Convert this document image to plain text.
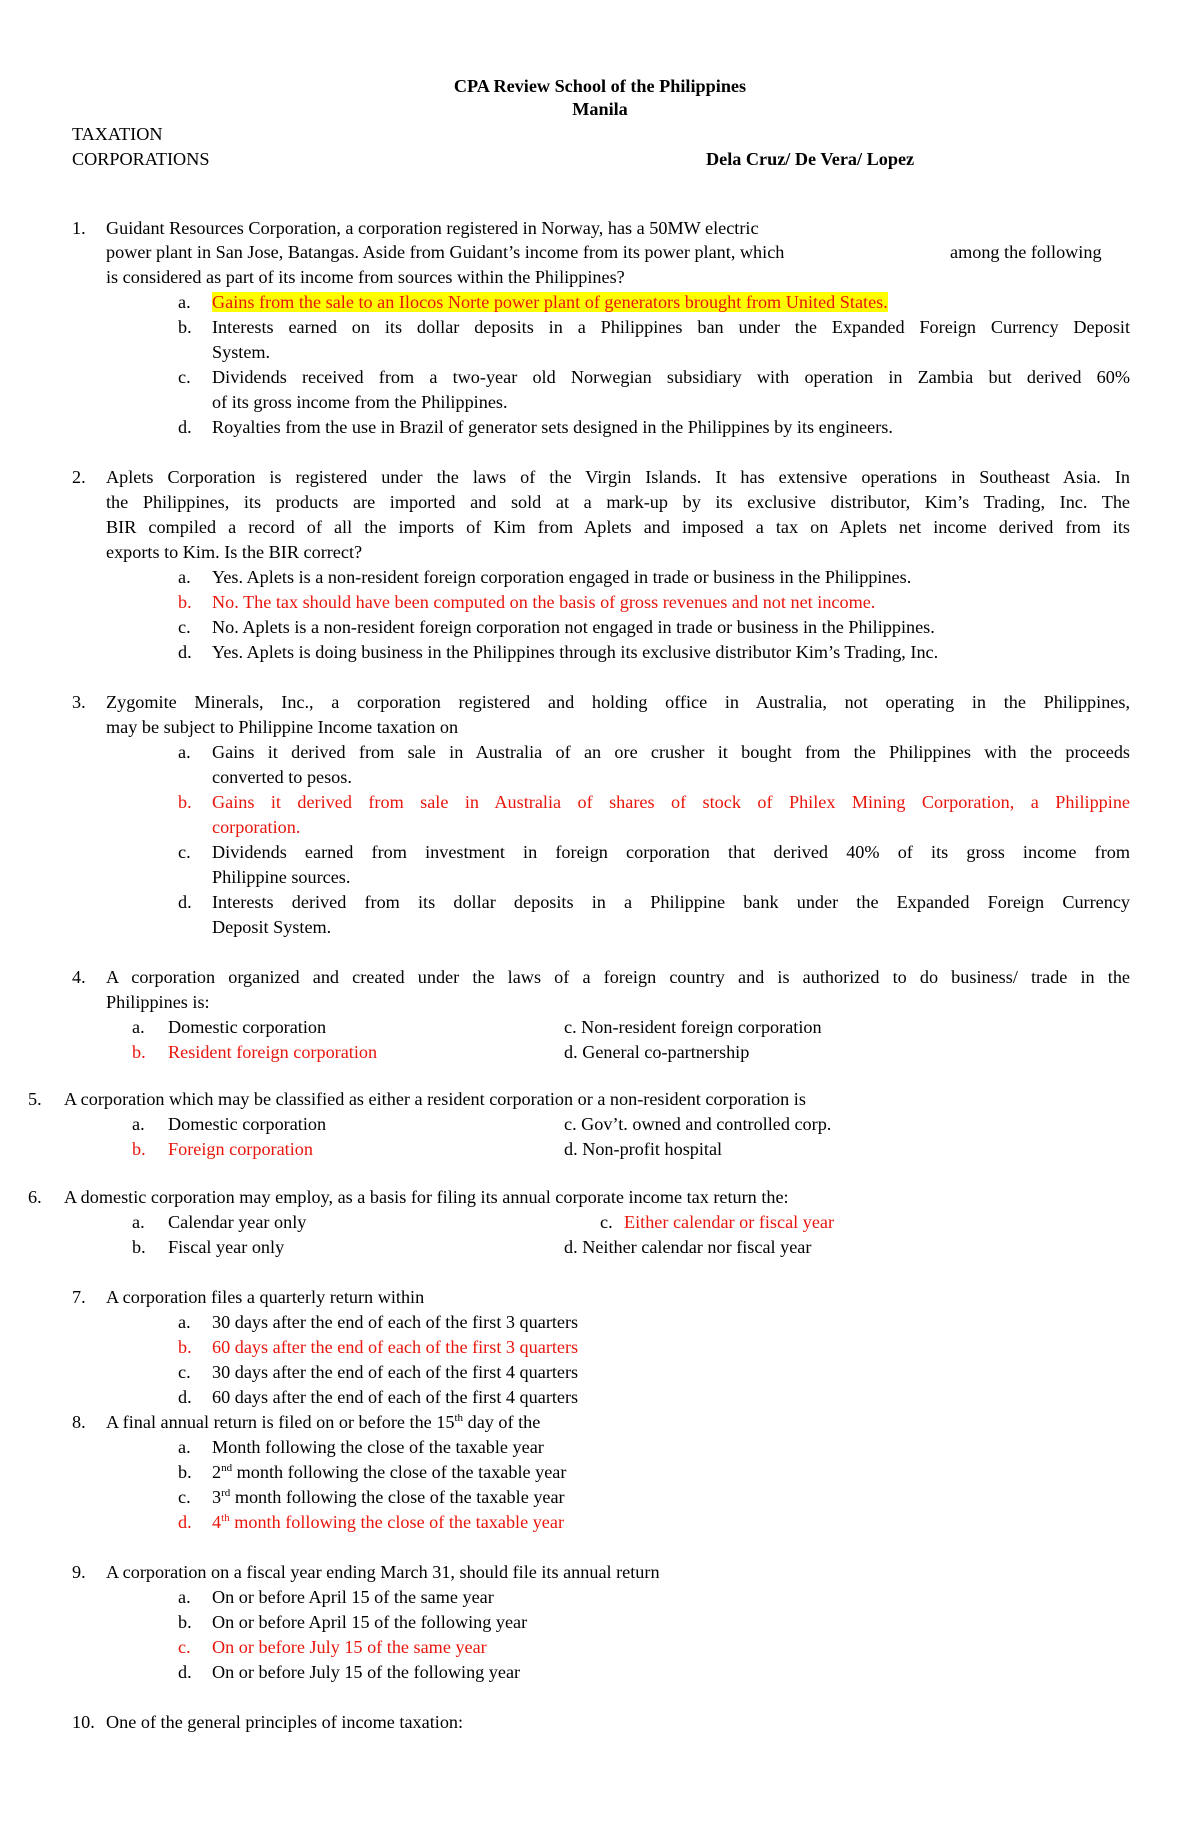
CPA Review School of the Philippines
Manila
TAXATION
CORPORATIONS	Dela Cruz/ De Vera/ Lopez
1. Guidant Resources Corporation, a corporation registered in Norway, has a 50MW electric
power plant in San Jose, Batangas. Aside from Guidant’s income from its power plant, which	among the following
is considered as part of its income from sources within the Philippines?
a. Gains from the sale to an Ilocos Norte power plant of generators brought from United States.
b. Interests earned on its dollar deposits in a Philippines ban under the Expanded Foreign Currency Deposit
System.
c. Dividends received from a two-year old Norwegian subsidiary with operation in Zambia but derived 60%
of its gross income from the Philippines.
d. Royalties from the use in Brazil of generator sets designed in the Philippines by its engineers.
2. Aplets Corporation is registered under the laws of the Virgin Islands. It has extensive operations in Southeast Asia. In
the Philippines, its products are imported and sold at a mark-up by its exclusive distributor, Kim’s Trading, Inc. The
BIR compiled a record of all the imports of Kim from Aplets and imposed a tax on Aplets net income derived from its
exports to Kim. Is the BIR correct?
a. Yes. Aplets is a non-resident foreign corporation engaged in trade or business in the Philippines.
b. No. The tax should have been computed on the basis of gross revenues and not net income.
c. No. Aplets is a non-resident foreign corporation not engaged in trade or business in the Philippines.
d. Yes. Aplets is doing business in the Philippines through its exclusive distributor Kim’s Trading, Inc.
3. Zygomite Minerals, Inc., a corporation registered and holding office in Australia, not operating in the Philippines,
may be subject to Philippine Income taxation on
a. Gains it derived from sale in Australia of an ore crusher it bought from the Philippines with the proceeds
converted to pesos.
b. Gains it derived from sale in Australia of shares of stock of Philex Mining Corporation, a Philippine
corporation.
c. Dividends earned from investment in foreign corporation that derived 40% of its gross income from
Philippine sources.
d. Interests derived from its dollar deposits in a Philippine bank under the Expanded Foreign Currency
Deposit System.
4. A corporation organized and created under the laws of a foreign country and is authorized to do business/ trade in the
Philippines is:
a. Domestic corporation	c. Non-resident foreign corporation
b. Resident foreign corporation	d. General co-partnership
5. A corporation which may be classified as either a resident corporation or a non-resident corporation is
a. Domestic corporation	c. Gov’t. owned and controlled corp.
b. Foreign corporation	d. Non-profit hospital
6. A domestic corporation may employ, as a basis for filing its annual corporate income tax return the:
a. Calendar year only	c. Either calendar or fiscal year
b. Fiscal year only	d. Neither calendar nor fiscal year
7. A corporation files a quarterly return within
a. 30 days after the end of each of the first 3 quarters
b. 60 days after the end of each of the first 3 quarters
c. 30 days after the end of each of the first 4 quarters
d. 60 days after the end of each of the first 4 quarters
8. A final annual return is filed on or before the 15th day of the
a. Month following the close of the taxable year
b. 2nd month following the close of the taxable year
c. 3rd month following the close of the taxable year
d. 4th month following the close of the taxable year
9. A corporation on a fiscal year ending March 31, should file its annual return
a. On or before April 15 of the same year
b. On or before April 15 of the following year
c. On or before July 15 of the same year
d. On or before July 15 of the following year
10. One of the general principles of income taxation:
